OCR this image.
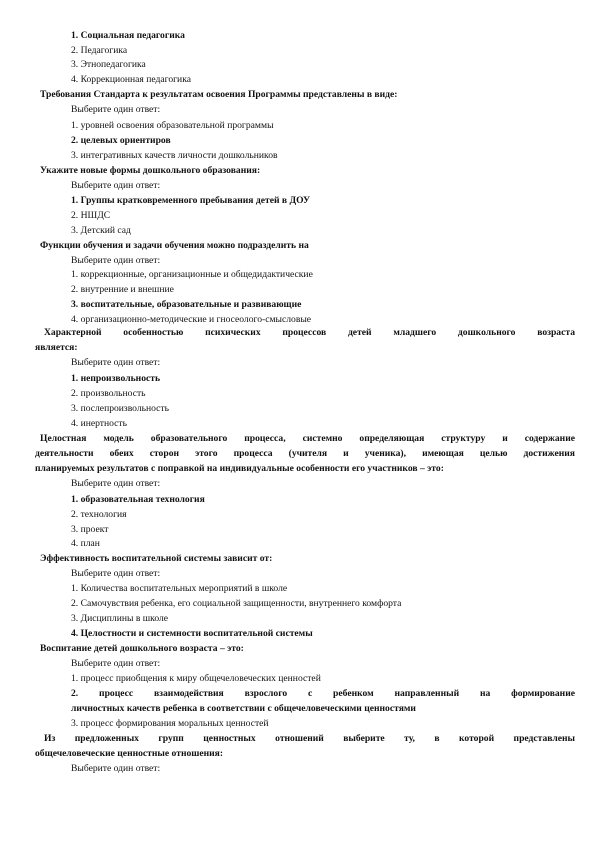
1. Социальная педагогика
2. Педагогика
3. Этнопедагогика
4. Коррекционная педагогика
Требования Стандарта к результатам освоения Программы представлены в виде:
Выберите один ответ:
1. уровней освоения образовательной программы
2. целевых ориентиров
3. интегративных качеств личности дошкольников
Укажите новые формы дошкольного образования:
Выберите один ответ:
1. Группы кратковременного пребывания детей в ДОУ
2. НШДС
3. Детский сад
Функции обучения и задачи обучения можно подразделить на
Выберите один ответ:
1. коррекционные, организационные и общедидактические
2. внутренние и внешние
3. воспитательные, образовательные и развивающие
4. организационно-методические и гносеолого-смысловые
Характерной особенностью психических процессов детей младшего дошкольного возраста
является:
Выберите один ответ:
1. непроизвольность
2. произвольность
3. послепроизвольность
4. инертность
Целостная модель образовательного процесса, системно определяющая структуру и содержание
деятельности обеих сторон этого процесса (учителя и ученика), имеющая целью достижения
планируемых результатов с поправкой на индивидуальные особенности его участников – это:
Выберите один ответ:
1. образовательная технология
2. технология
3. проект
4. план
Эффективность воспитательной системы зависит от:
Выберите один ответ:
1. Количества воспитательных мероприятий в школе
2. Самочувствия ребенка, его социальной защищенности, внутреннего комфорта
3. Дисциплины в школе
4. Целостности и системности воспитательной системы
Воспитание детей дошкольного возраста – это:
Выберите один ответ:
1. процесс приобщения к миру общечеловеческих ценностей
2. процесс взаимодействия взрослого с ребенком направленный на формирование
личностных качеств ребенка в соответствии с общечеловеческими ценностями
3. процесс формирования моральных ценностей
Из предложенных групп ценностных отношений выберите ту, в которой представлены
общечеловеческие ценностные отношения:
Выберите один ответ:
